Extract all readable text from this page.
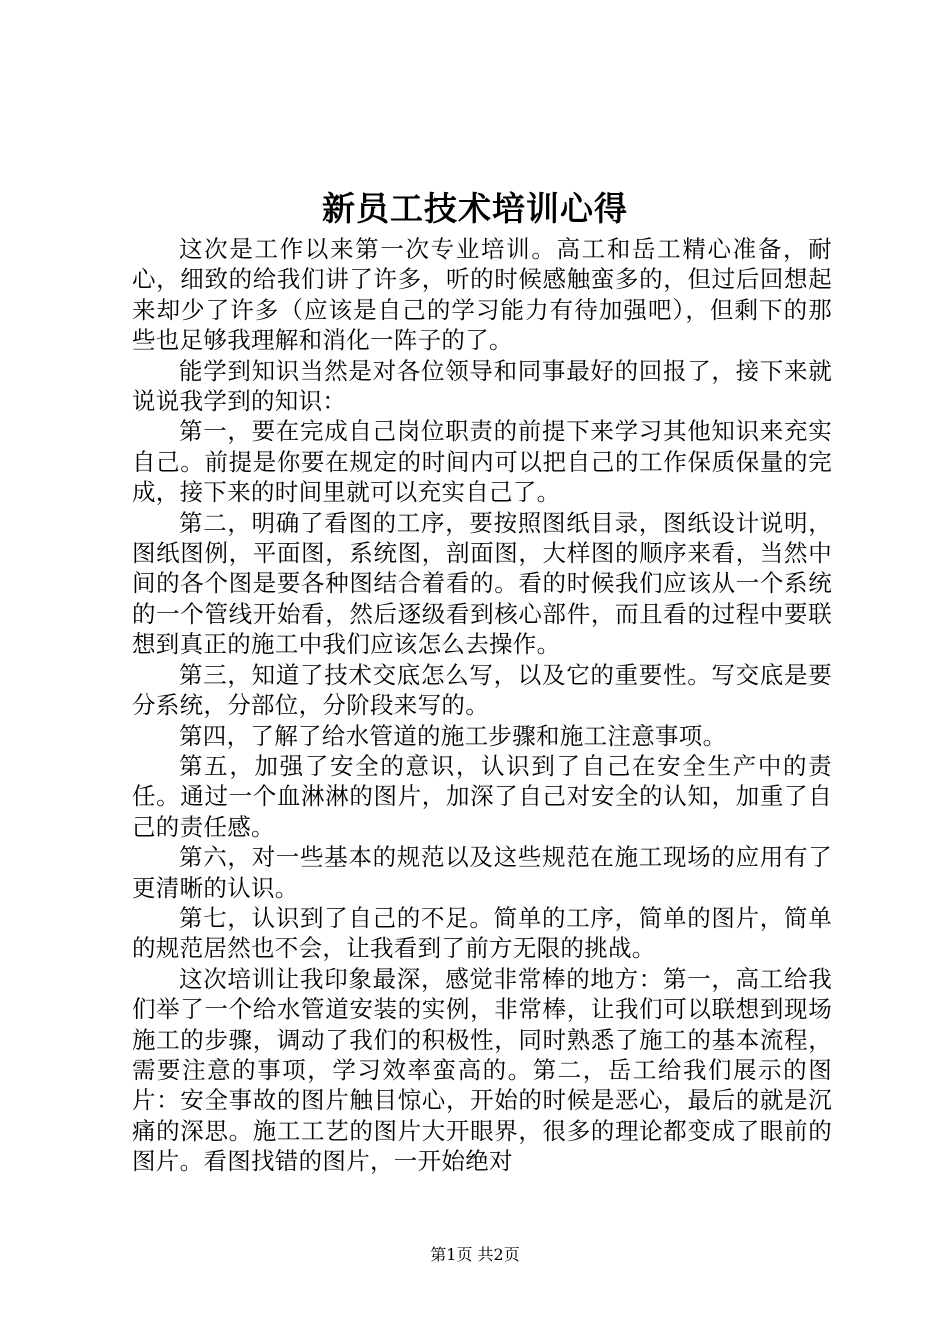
新员工技术培训心得

这次是工作以来第一次专业培训。高工和岳工精心准备，耐心，细致的给我们讲了许多，听的时候感触蛮多的，但过后回想起来却少了许多（应该是自己的学习能力有待加强吧），但剩下的那些也足够我理解和消化一阵子的了。

能学到知识当然是对各位领导和同事最好的回报了，接下来就说说我学到的知识：

第一，要在完成自己岗位职责的前提下来学习其他知识来充实自己。前提是你要在规定的时间内可以把自己的工作保质保量的完成，接下来的时间里就可以充实自己了。

第二，明确了看图的工序，要按照图纸目录，图纸设计说明，图纸图例，平面图，系统图，剖面图，大样图的顺序来看，当然中间的各个图是要各种图结合着看的。看的时候我们应该从一个系统的一个管线开始看，然后逐级看到核心部件，而且看的过程中要联想到真正的施工中我们应该怎么去操作。

第三，知道了技术交底怎么写，以及它的重要性。写交底是要分系统，分部位，分阶段来写的。

第四，了解了给水管道的施工步骤和施工注意事项。

第五，加强了安全的意识，认识到了自己在安全生产中的责任。通过一个血淋淋的图片，加深了自己对安全的认知，加重了自己的责任感。

第六，对一些基本的规范以及这些规范在施工现场的应用有了更清晰的认识。

第七，认识到了自己的不足。简单的工序，简单的图片，简单的规范居然也不会，让我看到了前方无限的挑战。

这次培训让我印象最深，感觉非常棒的地方：第一，高工给我们举了一个给水管道安装的实例，非常棒，让我们可以联想到现场施工的步骤，调动了我们的积极性，同时熟悉了施工的基本流程，需要注意的事项，学习效率蛮高的。第二，岳工给我们展示的图片：安全事故的图片触目惊心，开始的时候是恶心，最后的就是沉痛的深思。施工工艺的图片大开眼界，很多的理论都变成了眼前的图片。看图找错的图片，一开始绝对

第1页 共2页
